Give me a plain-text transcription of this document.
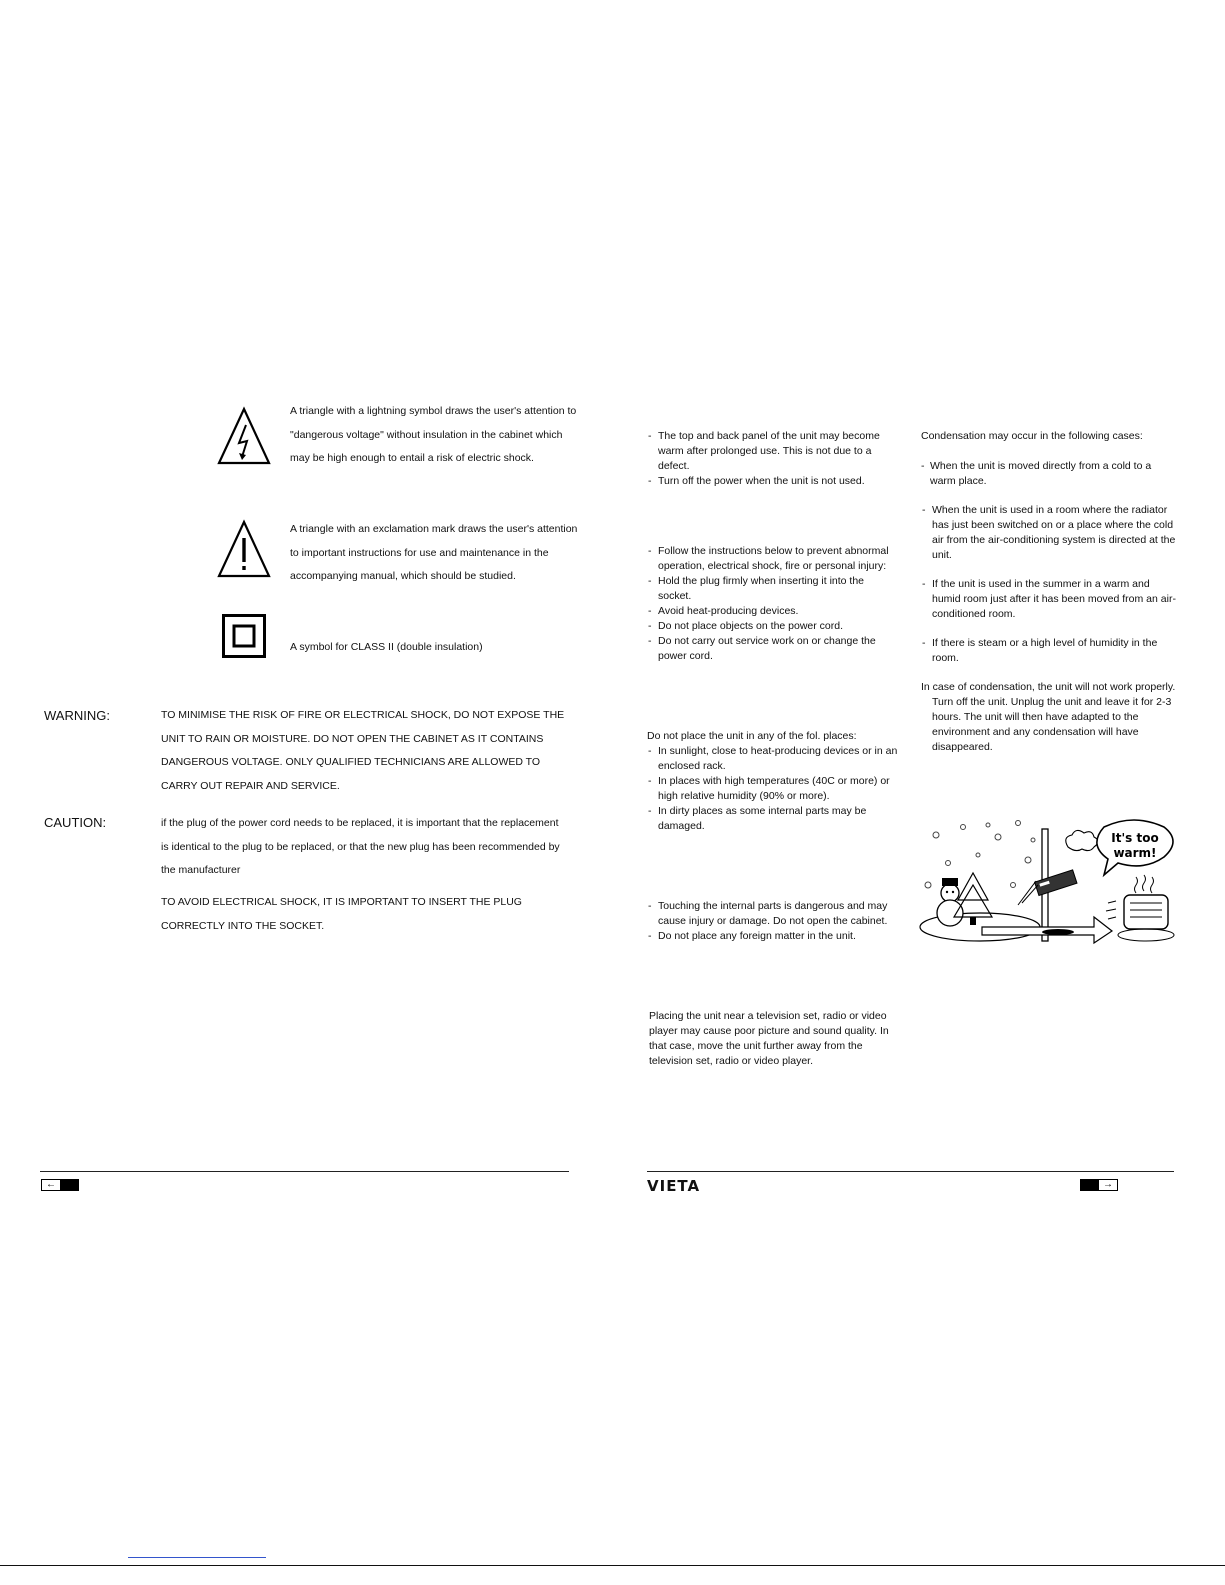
A triangle with a lightning symbol draws the user's attention to "dangerous voltage" without insulation in the cabinet which may be high enough to entail a risk of electric shock.
A triangle with an exclamation mark draws the user's attention to important instructions for use and maintenance in the accompanying manual, which should be studied.
A symbol for CLASS II (double insulation)
WARNING:	TO MINIMISE THE RISK OF FIRE OR ELECTRICAL SHOCK, DO NOT EXPOSE THE UNIT TO RAIN OR MOISTURE. DO NOT OPEN THE CABINET AS IT CONTAINS DANGEROUS VOLTAGE. ONLY QUALIFIED TECHNICIANS ARE ALLOWED TO CARRY OUT REPAIR AND SERVICE.
CAUTION:	if the plug of the power cord needs to be replaced, it is important that the replacement is identical to the plug to be replaced, or that the new plug has been recommended by the manufacturer
TO AVOID ELECTRICAL SHOCK, IT IS IMPORTANT TO INSERT THE PLUG CORRECTLY INTO THE SOCKET.
←
- The top and back panel of the unit may become warm after prolonged use. This is not due to a defect.
- Turn off the power when the unit is not used.
- Follow the instructions below to prevent abnormal operation, electrical shock, fire or personal injury:
- Hold the plug firmly when inserting it into the socket.
- Avoid heat-producing devices.
- Do not place objects on the power cord.
- Do not carry out service work on or change the power cord.

Do not place the unit in any of the fol. places:

- In sunlight, close to heat-producing devices or in an enclosed rack.
- In places with high temperatures (40C or more) or high relative humidity (90% or more).
- In dirty places as some internal parts may be damaged.
- Touching the internal parts is dangerous and may cause injury or damage. Do not open the cabinet.
- Do not place any foreign matter in the unit.

Placing the unit near a television set, radio or video player may cause poor picture and sound quality. In that case, move the unit further away from the television set, radio or video player.

Condensation may occur in the following cases:

- When the unit is moved directly from a cold to a warm place.
- When the unit is used in a room where the radiator has just been switched on or a place where the cold air from the air-conditioning system is directed at the unit.
- If the unit is used in the summer in a warm and humid room just after it has been moved from an air-conditioned room.
- If there is steam or a high level of humidity in the room.

In case of condensation, the unit will not work properly. Turn off the unit. Unplug the unit and leave it for 2-3 hours. The unit will then have adapted to the environment and any condensation will have disappeared.

It's too
warm!
VIETA	→
